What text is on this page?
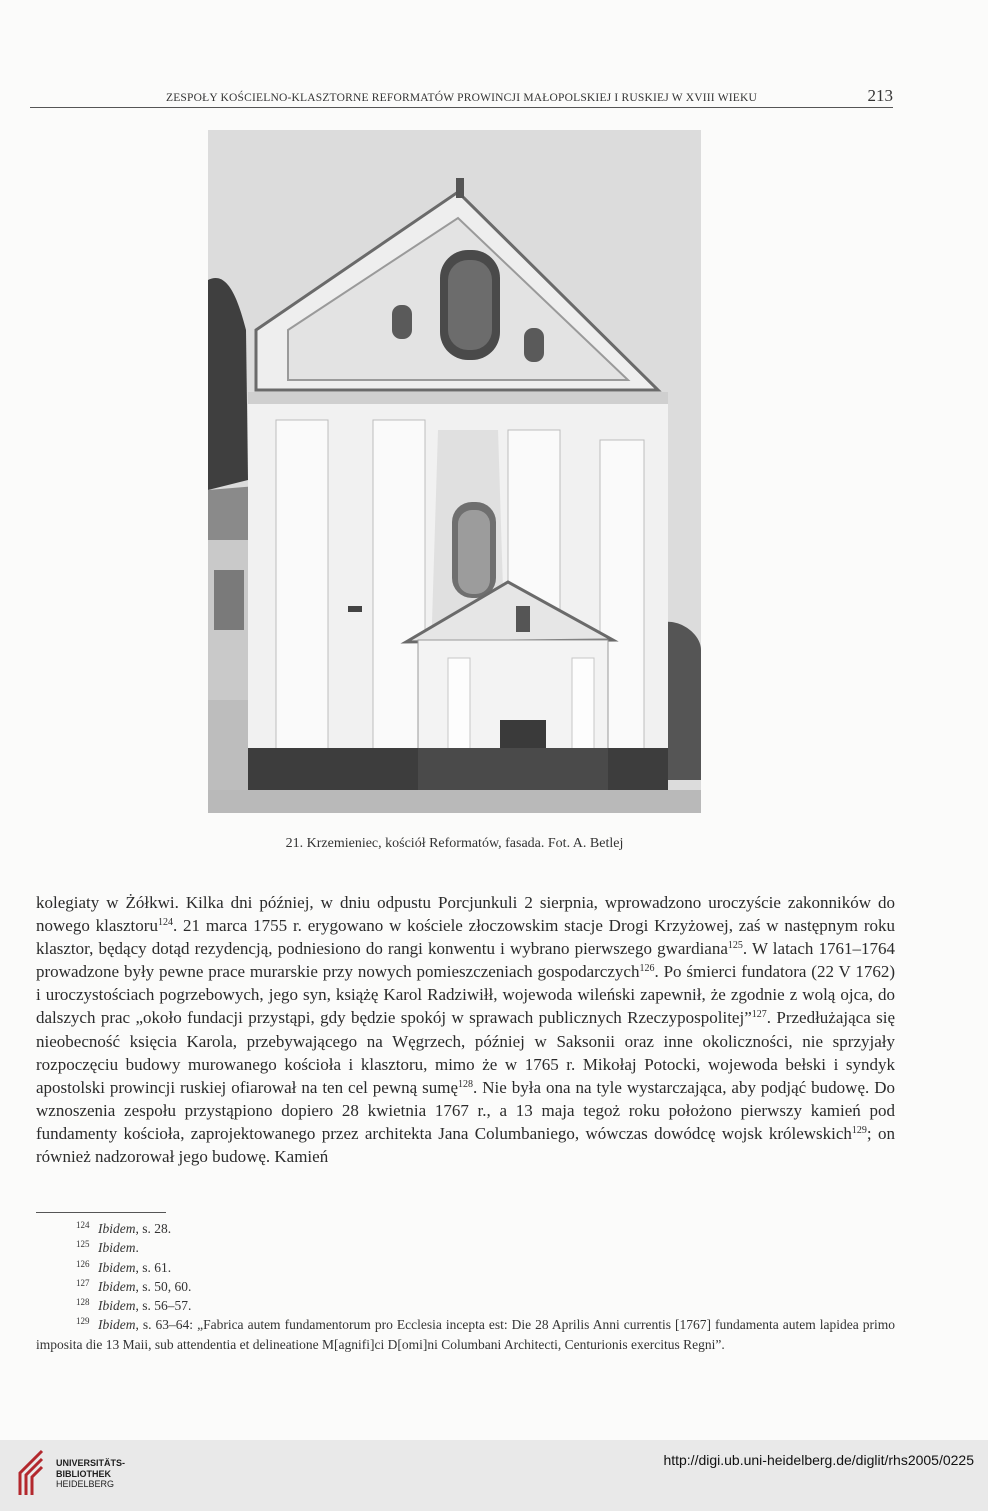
ZESPOŁY KOŚCIELNO-KLASZTORNE REFORMATÓW PROWINCJI MAŁOPOLSKIEJ I RUSKIEJ W XVIII WIEKU	213
21. Krzemieniec, kościół Reformatów, fasada. Fot. A. Betlej
kolegiaty w Żółkwi. Kilka dni później, w dniu odpustu Porcjunkuli 2 sierpnia, wprowadzono uroczyście zakonników do nowego klasztoru$^{124}$. 21 marca 1755 r. erygowano w kościele złoczowskim stacje Drogi Krzyżowej, zaś w następnym roku klasztor, będący dotąd rezydencją, podniesiono do rangi konwentu i wybrano pierwszego gwardiana$^{125}$. W latach 1761–1764 prowadzone były pewne prace murarskie przy nowych pomieszczeniach gospodarczych$^{126}$. Po śmierci fundatora (22 V 1762) i uroczystościach pogrzebowych, jego syn, książę Karol Radziwiłł, wojewoda wileński zapewnił, że zgodnie z wolą ojca, do dalszych prac „około fundacji przystąpi, gdy będzie spokój w sprawach publicznych Rzeczypospolitej”$^{127}$. Przedłużająca się nieobecność księcia Karola, przebywającego na Węgrzech, później w Saksonii oraz inne okoliczności, nie sprzyjały rozpoczęciu budowy murowanego kościoła i klasztoru, mimo że w 1765 r. Mikołaj Potocki, wojewoda bełski i syndyk apostolski prowincji ruskiej ofiarował na ten cel pewną sumę$^{128}$. Nie była ona na tyle wystarczająca, aby podjąć budowę. Do wznoszenia zespołu przystąpiono dopiero 28 kwietnia 1767 r., a 13 maja tegoż roku położono pierwszy kamień pod fundamenty kościoła, zaprojektowanego przez architekta Jana Columbaniego, wówczas dowódcę wojsk królewskich$^{129}$; on również nadzorował jego budowę. Kamień
124 Ibidem, s. 28.
125 Ibidem.
126 Ibidem, s. 61.
127 Ibidem, s. 50, 60.
128 Ibidem, s. 56–57.
129 Ibidem, s. 63–64: „Fabrica autem fundamentorum pro Ecclesia incepta est: Die 28 Aprilis Anni currentis [1767] fundamenta autem lapidea primo imposita die 13 Maii, sub attendentia et delineatione M[agnifi]ci D[omi]ni Columbani Architecti, Centurionis exercitus Regni”.
UNIVERSITÄTS-
BIBLIOTHEK
HEIDELBERG
http://digi.ub.uni-heidelberg.de/diglit/rhs2005/0225
